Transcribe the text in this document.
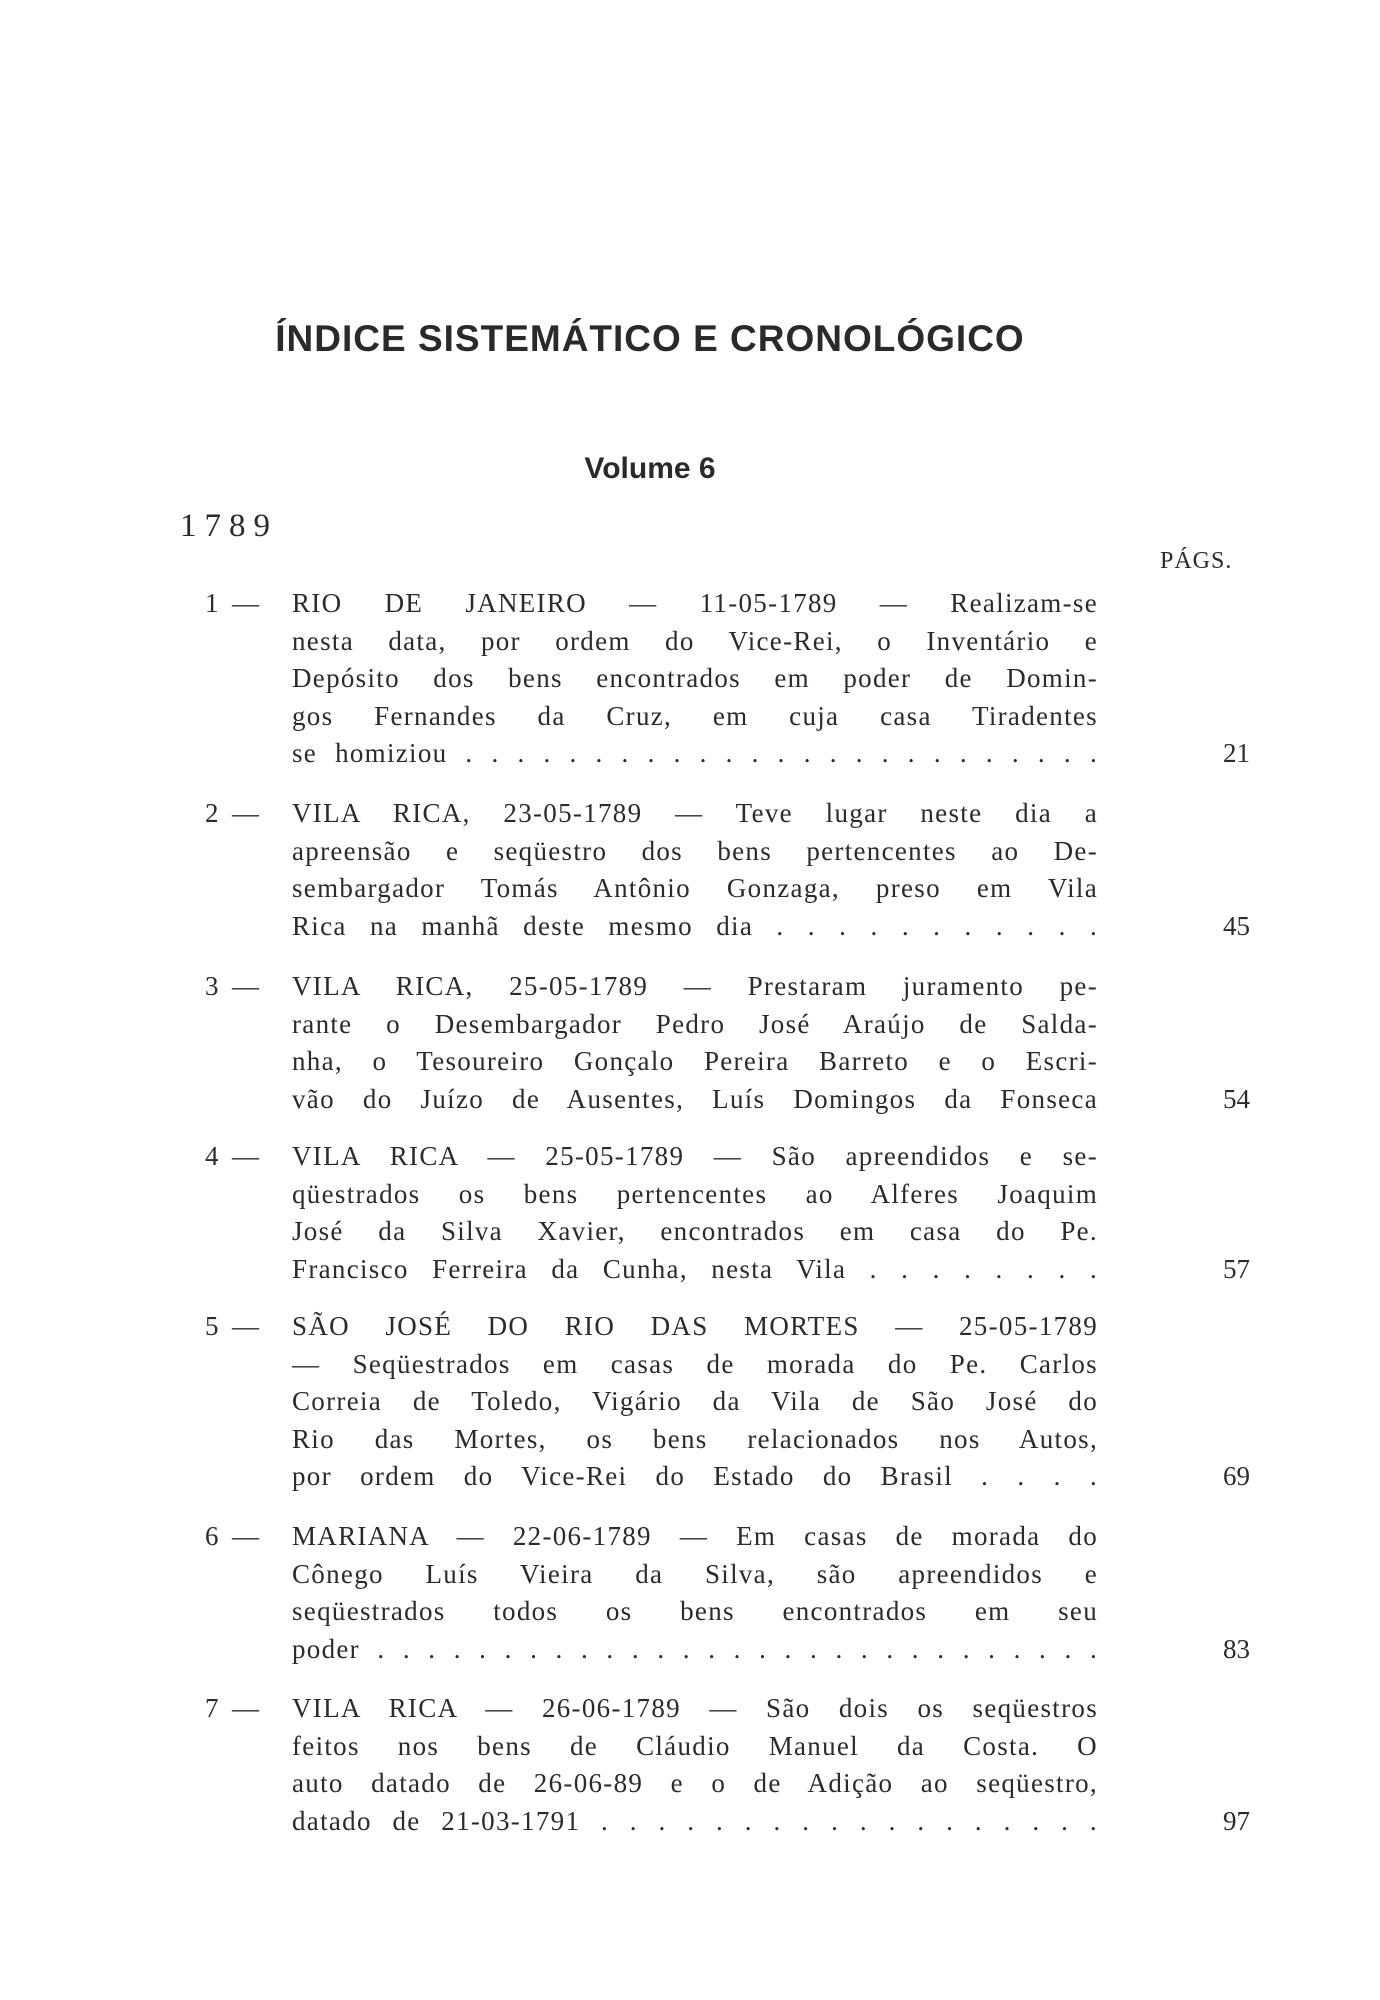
ÍNDICE SISTEMÁTICO E CRONOLÓGICO
Volume 6
1789
PÁGS.
1 — RIO DE JANEIRO — 11-05-1789 — Realizam-se
nesta data, por ordem do Vice-Rei, o Inventário e
Depósito dos bens encontrados em poder de Domin-
gos Fernandes da Cruz, em cuja casa Tiradentes
se homiziou . . . . . . . . . . . . . . . . . . . . . . . . .	21
2 — VILA RICA, 23-05-1789 — Teve lugar neste dia a
apreensão e seqüestro dos bens pertencentes ao De-
sembargador Tomás Antônio Gonzaga, preso em Vila
Rica na manhã deste mesmo dia . . . . . . . . . . .	45
3 — VILA RICA, 25-05-1789 — Prestaram juramento pe-
rante o Desembargador Pedro José Araújo de Salda-
nha, o Tesoureiro Gonçalo Pereira Barreto e o Escri-
vão do Juízo de Ausentes, Luís Domingos da Fonseca	54
4 — VILA RICA — 25-05-1789 — São apreendidos e se-
qüestrados os bens pertencentes ao Alferes Joaquim
José da Silva Xavier, encontrados em casa do Pe.
Francisco Ferreira da Cunha, nesta Vila . . . . . . . .	57
5 — SÃO JOSÉ DO RIO DAS MORTES — 25-05-1789
— Seqüestrados em casas de morada do Pe. Carlos
Correia de Toledo, Vigário da Vila de São José do
Rio das Mortes, os bens relacionados nos Autos,
por ordem do Vice-Rei do Estado do Brasil . . . .	69
6 — MARIANA — 22-06-1789 — Em casas de morada do
Cônego Luís Vieira da Silva, são apreendidos e
seqüestrados todos os bens encontrados em seu
poder . . . . . . . . . . . . . . . . . . . . . . . . . . . . .	83
7 — VILA RICA — 26-06-1789 — São dois os seqüestros
feitos nos bens de Cláudio Manuel da Costa. O
auto datado de 26-06-89 e o de Adição ao seqüestro,
datado de 21-03-1791 . . . . . . . . . . . . . . . . . .	97
